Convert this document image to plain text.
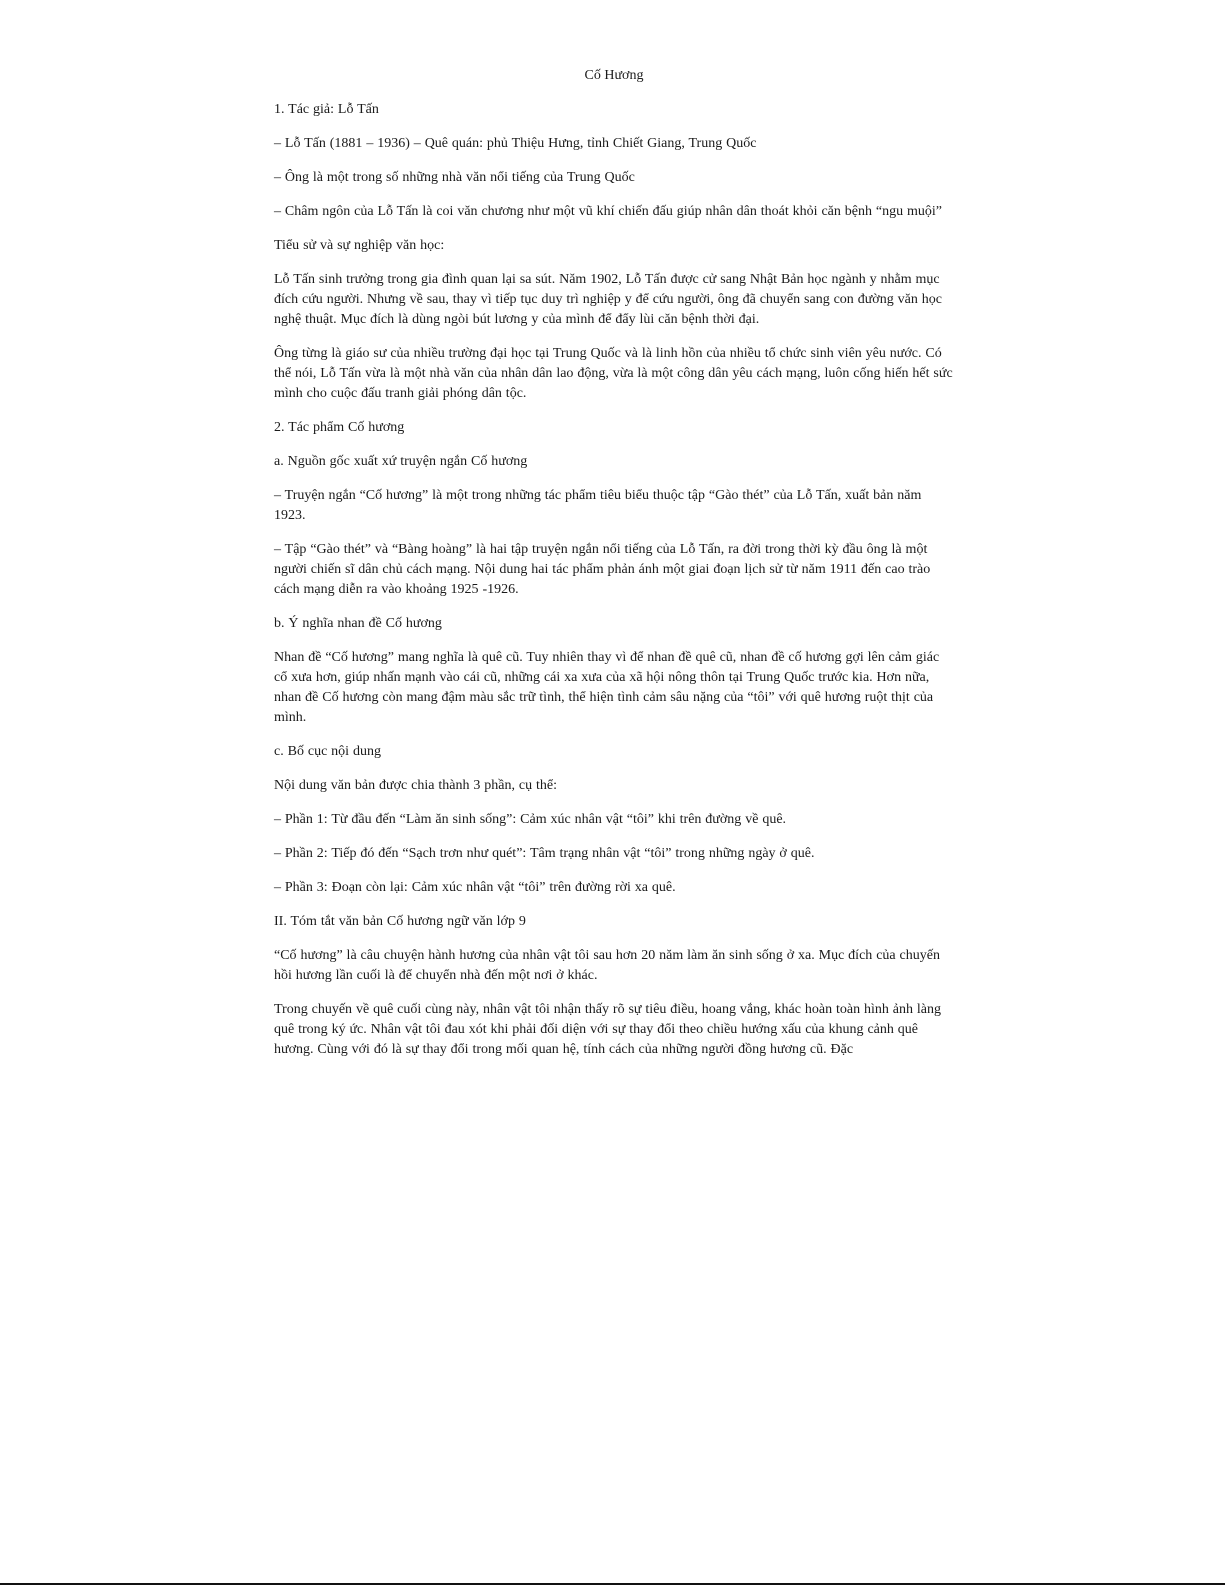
Cố Hương

1. Tác giả: Lỗ Tấn

– Lỗ Tấn (1881 – 1936) – Quê quán: phủ Thiệu Hưng, tỉnh Chiết Giang, Trung Quốc

– Ông là một trong số những nhà văn nổi tiếng của Trung Quốc

– Châm ngôn của Lỗ Tấn là coi văn chương như một vũ khí chiến đấu giúp nhân dân thoát khỏi căn bệnh “ngu muội”

Tiểu sử và sự nghiệp văn học:

Lỗ Tấn sinh trưởng trong gia đình quan lại sa sút. Năm 1902, Lỗ Tấn được cử sang Nhật Bản học ngành y nhằm mục đích cứu người. Nhưng về sau, thay vì tiếp tục duy trì nghiệp y để cứu người, ông đã chuyển sang con đường văn học nghệ thuật. Mục đích là dùng ngòi bút lương y của mình để đẩy lùi căn bệnh thời đại.

Ông từng là giáo sư của nhiều trường đại học tại Trung Quốc và là linh hồn của nhiều tổ chức sinh viên yêu nước. Có thể nói, Lỗ Tấn vừa là một nhà văn của nhân dân lao động, vừa là một công dân yêu cách mạng, luôn cống hiến hết sức mình cho cuộc đấu tranh giải phóng dân tộc.

2. Tác phẩm Cố hương

a. Nguồn gốc xuất xứ truyện ngắn Cố hương

– Truyện ngắn “Cố hương” là một trong những tác phẩm tiêu biểu thuộc tập “Gào thét” của Lỗ Tấn, xuất bản năm 1923.

– Tập “Gào thét” và “Bàng hoàng” là hai tập truyện ngắn nổi tiếng của Lỗ Tấn, ra đời trong thời kỳ đầu ông là một người chiến sĩ dân chủ cách mạng. Nội dung hai tác phẩm phản ánh một giai đoạn lịch sử từ năm 1911 đến cao trào cách mạng diễn ra vào khoảng 1925 -1926.

b. Ý nghĩa nhan đề Cố hương

Nhan đề “Cố hương” mang nghĩa là quê cũ. Tuy nhiên thay vì để nhan đề quê cũ, nhan đề cố hương gợi lên cảm giác cổ xưa hơn, giúp nhấn mạnh vào cái cũ, những cái xa xưa của xã hội nông thôn tại Trung Quốc trước kia. Hơn nữa, nhan đề Cố hương còn mang đậm màu sắc trữ tình, thể hiện tình cảm sâu nặng của “tôi” với quê hương ruột thịt của mình.

c. Bố cục nội dung

Nội dung văn bản được chia thành 3 phần, cụ thể:

– Phần 1: Từ đầu đến “Làm ăn sinh sống”: Cảm xúc nhân vật “tôi” khi trên đường về quê.

– Phần 2: Tiếp đó đến “Sạch trơn như quét”: Tâm trạng nhân vật “tôi” trong những ngày ở quê.

– Phần 3: Đoạn còn lại: Cảm xúc nhân vật “tôi” trên đường rời xa quê.

II. Tóm tắt văn bản Cố hương ngữ văn lớp 9

“Cố hương” là câu chuyện hành hương của nhân vật tôi sau hơn 20 năm làm ăn sinh sống ở xa. Mục đích của chuyến hồi hương lần cuối là để chuyển nhà đến một nơi ở khác.

Trong chuyến về quê cuối cùng này, nhân vật tôi nhận thấy rõ sự tiêu điều, hoang vắng, khác hoàn toàn hình ảnh làng quê trong ký ức. Nhân vật tôi đau xót khi phải đối diện với sự thay đổi theo chiều hướng xấu của khung cảnh quê hương. Cùng với đó là sự thay đổi trong mối quan hệ, tính cách của những người đồng hương cũ. Đặc
